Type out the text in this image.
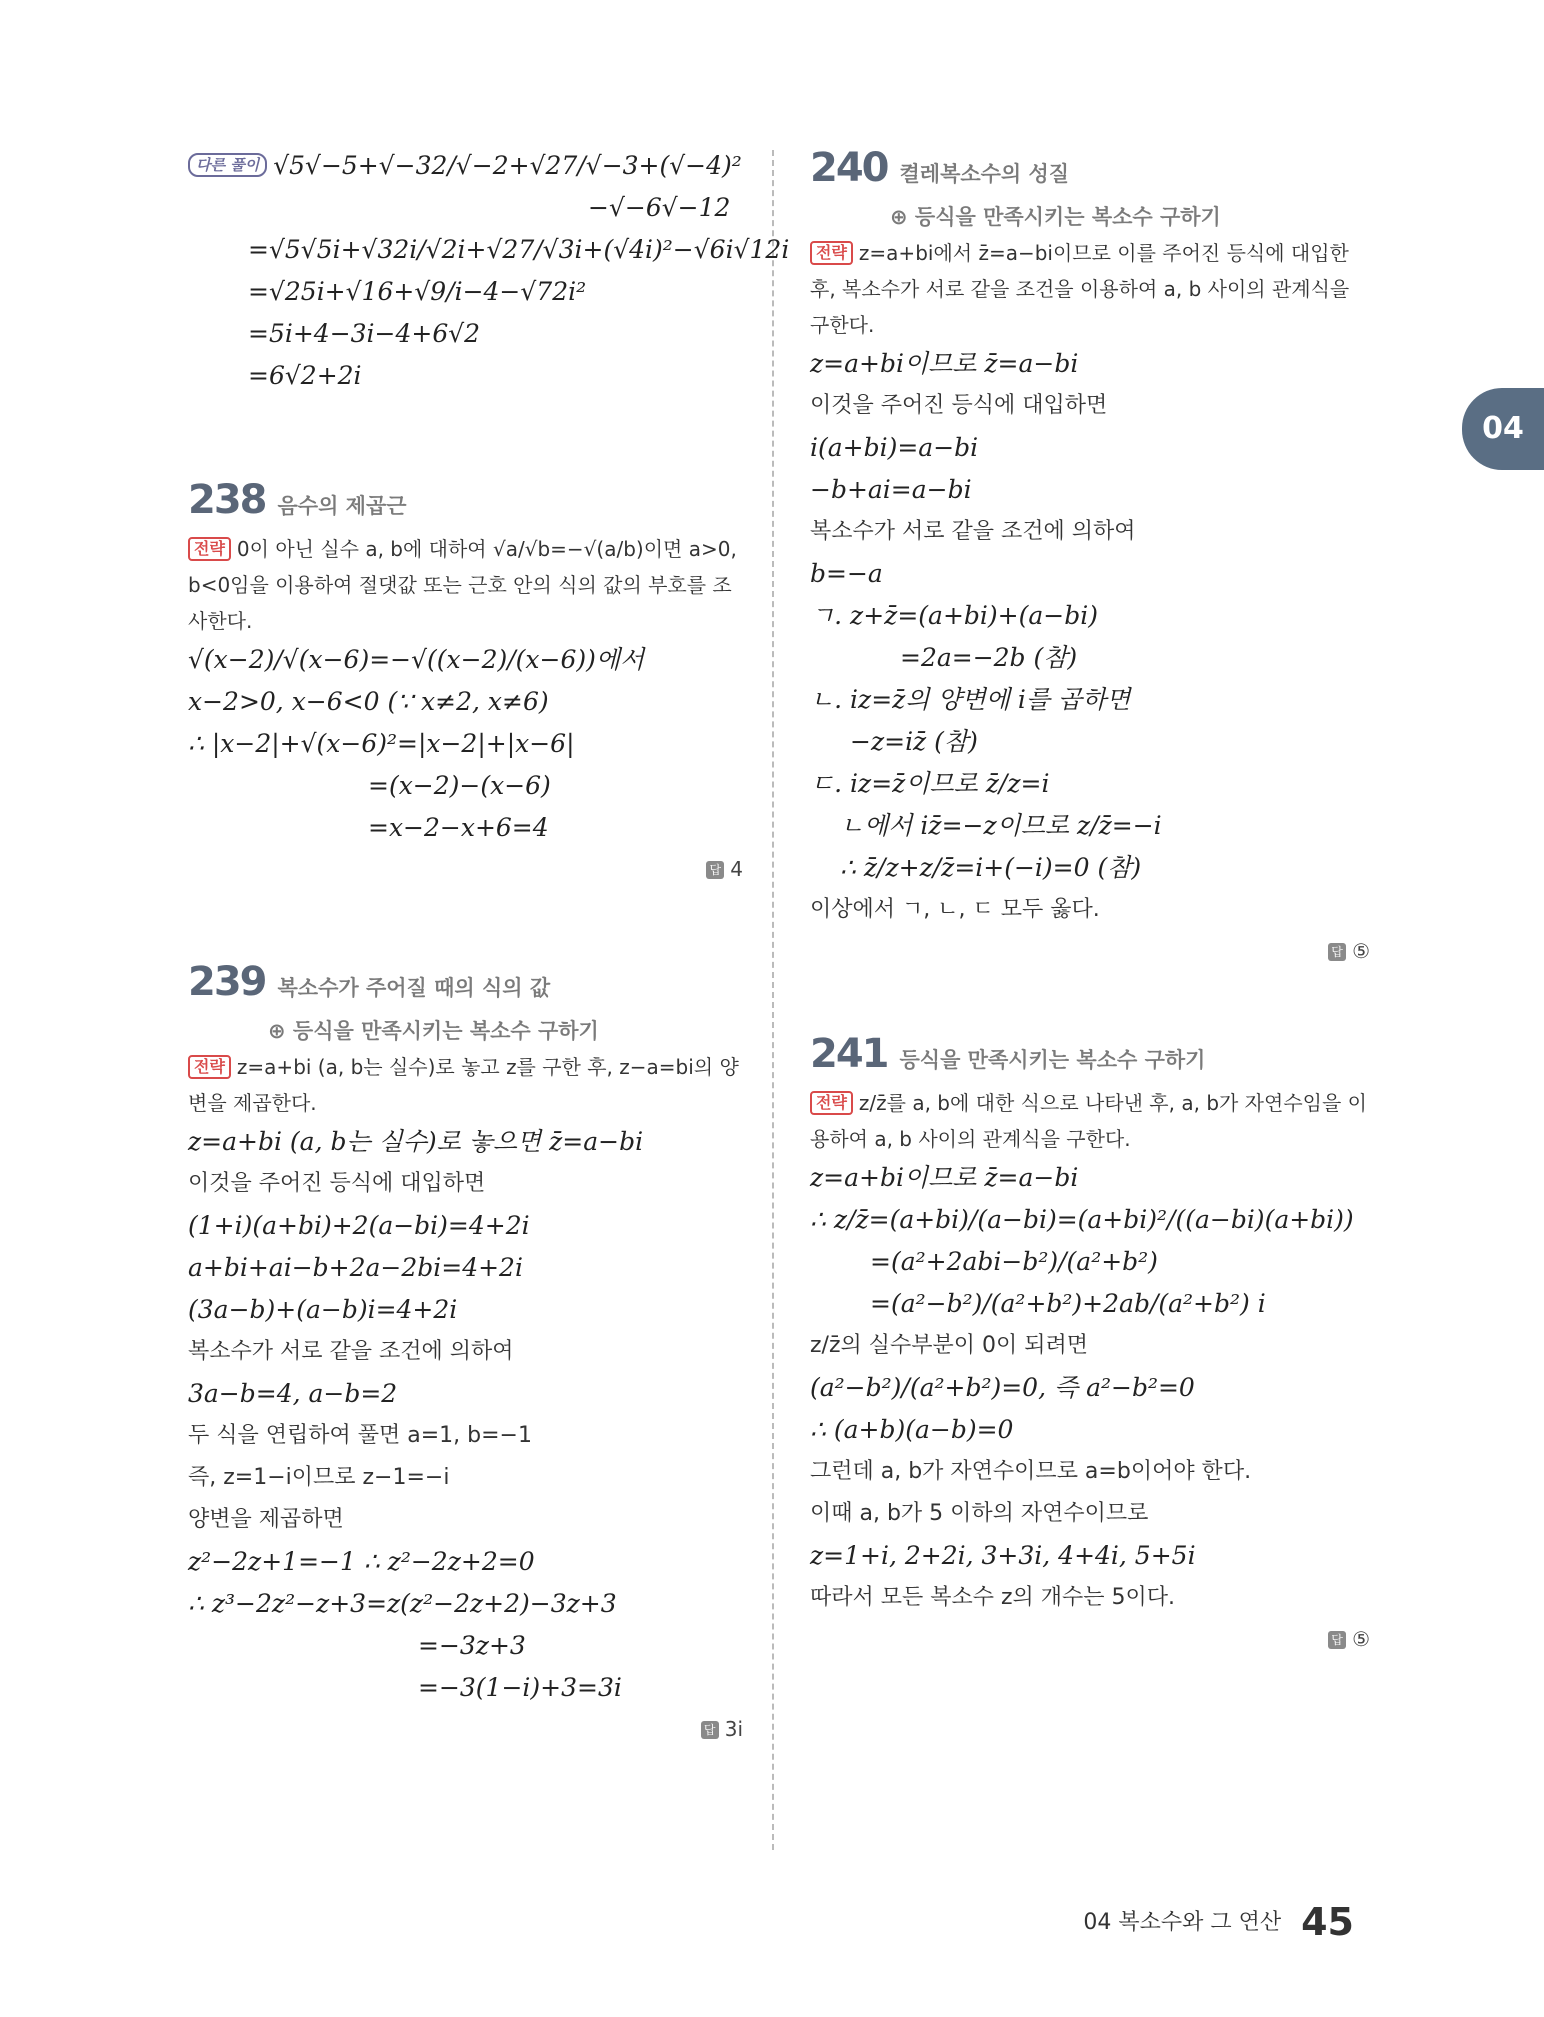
04
다른 풀이 √5√−5+√−32/√−2+√27/√−3+(√−4)²
−√−6√−12
=√5√5i+√32i/√2i+√27/√3i+(√4i)²−√6i√12i
=√25i+√16+√9/i−4−√72i²
=5i+4−3i−4+6√2
=6√2+2i
238 음수의 제곱근
전략 0이 아닌 실수 a, b에 대하여 √a/√b=−√(a/b)이면 a>0, b<0임을 이용하여 절댓값 또는 근호 안의 식의 값의 부호를 조사한다.
√(x−2)/√(x−6)=−√((x−2)/(x−6))에서
x−2>0, x−6<0 (∵ x≠2, x≠6)
∴ |x−2|+√(x−6)²=|x−2|+|x−6|
=(x−2)−(x−6)
=x−2−x+6=4
답 4
239 복소수가 주어질 때의 식의 값
⊕ 등식을 만족시키는 복소수 구하기
전략 z=a+bi (a, b는 실수)로 놓고 z를 구한 후, z−a=bi의 양변을 제곱한다.
z=a+bi (a, b는 실수)로 놓으면 z̄=a−bi
이것을 주어진 등식에 대입하면
(1+i)(a+bi)+2(a−bi)=4+2i
a+bi+ai−b+2a−2bi=4+2i
(3a−b)+(a−b)i=4+2i
복소수가 서로 같을 조건에 의하여
3a−b=4, a−b=2
두 식을 연립하여 풀면 a=1, b=−1
즉, z=1−i이므로 z−1=−i
양변을 제곱하면
z²−2z+1=−1 ∴ z²−2z+2=0
∴ z³−2z²−z+3=z(z²−2z+2)−3z+3
=−3z+3
=−3(1−i)+3=3i
답 3i
240 켤레복소수의 성질
⊕ 등식을 만족시키는 복소수 구하기
전략 z=a+bi에서 z̄=a−bi이므로 이를 주어진 등식에 대입한 후, 복소수가 서로 같을 조건을 이용하여 a, b 사이의 관계식을 구한다.
z=a+bi이므로 z̄=a−bi
이것을 주어진 등식에 대입하면
i(a+bi)=a−bi
−b+ai=a−bi
복소수가 서로 같을 조건에 의하여
b=−a
ㄱ. z+z̄=(a+bi)+(a−bi)
=2a=−2b (참)
ㄴ. iz=z̄의 양변에 i를 곱하면
−z=iz̄ (참)
ㄷ. iz=z̄이므로 z̄/z=i
ㄴ에서 iz̄=−z이므로 z/z̄=−i
∴ z̄/z+z/z̄=i+(−i)=0 (참)
이상에서 ㄱ, ㄴ, ㄷ 모두 옳다.
답 ⑤
241 등식을 만족시키는 복소수 구하기
전략 z/z̄를 a, b에 대한 식으로 나타낸 후, a, b가 자연수임을 이용하여 a, b 사이의 관계식을 구한다.
z=a+bi이므로 z̄=a−bi
∴ z/z̄=(a+bi)/(a−bi)=(a+bi)²/((a−bi)(a+bi))
=(a²+2abi−b²)/(a²+b²)
=(a²−b²)/(a²+b²)+2ab/(a²+b²) i
z/z̄의 실수부분이 0이 되려면
(a²−b²)/(a²+b²)=0, 즉 a²−b²=0
∴ (a+b)(a−b)=0
그런데 a, b가 자연수이므로 a=b이어야 한다.
이때 a, b가 5 이하의 자연수이므로
z=1+i, 2+2i, 3+3i, 4+4i, 5+5i
따라서 모든 복소수 z의 개수는 5이다.
답 ⑤
04 복소수와 그 연산 45
